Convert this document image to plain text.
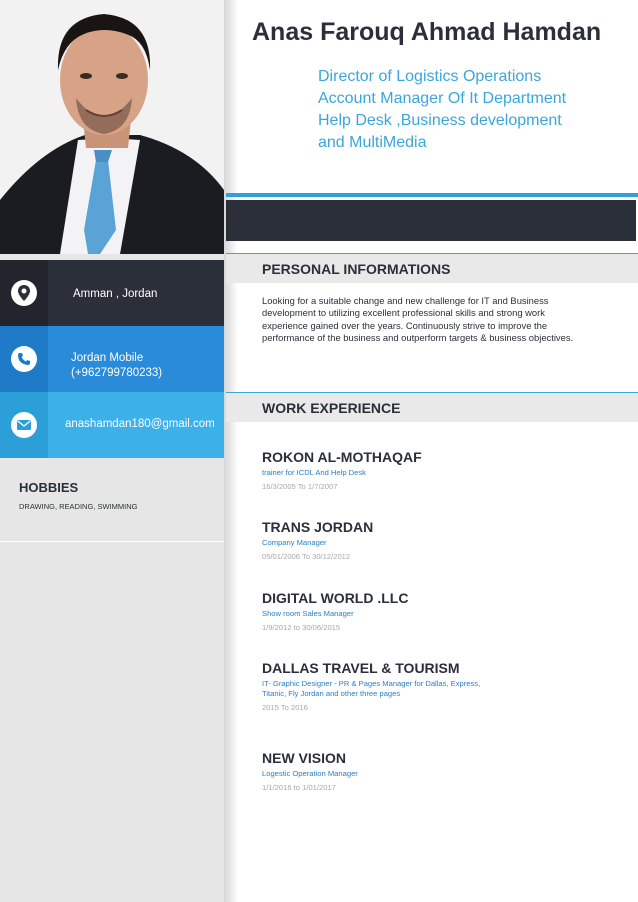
Amman , Jordan
Jordan Mobile
(+962799780233)
anashamdan180@gmail.com
HOBBIES
DRAWING, READING, SWIMMING
Anas Farouq Ahmad Hamdan
Director of Logistics Operations
Account Manager Of It Department
Help Desk ,Business development
and MultiMedia
PERSONAL INFORMATIONS
Looking for a suitable change and new challenge for IT and Business development to utilizing excellent professional skills and strong work experience gained over the years. Continuously strive to improve the performance of the business and outperform targets & business objectives.
WORK EXPERIENCE
ROKON AL-MOTHAQAF
trainer for ICDL And Help Desk
16/3/2005 To 1/7/2007
TRANS JORDAN
Company Manager
05/01/2006 To 30/12/2012
DIGITAL WORLD .LLC
Show room Sales Manager
1/9/2012 to 30/06/2015
DALLAS TRAVEL & TOURISM
IT- Graphic Designer - PR & Pages Manager for Dallas, Express, Titanic, Fly Jordan and other three pages
2015 To 2016
NEW VISION
Logestic Operation Manager
1/1/2016 to 1/01/2017
